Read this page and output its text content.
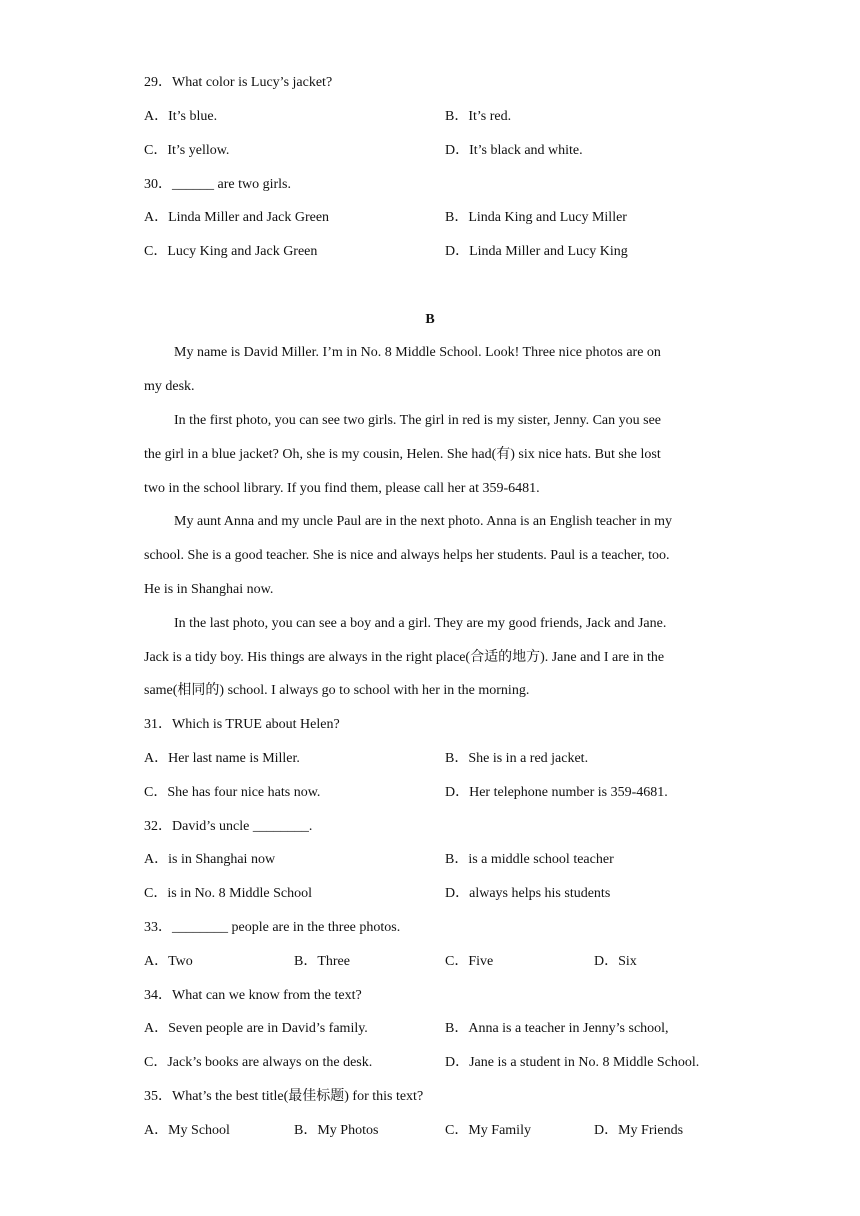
29．What color is Lucy’s jacket?
A．It’s blue.	B．It’s red.
C．It’s yellow.	D．It’s black and white.
30．______ are two girls.
A．Linda Miller and Jack Green	B．Linda King and Lucy Miller
C．Lucy King and Jack Green	D．Linda Miller and Lucy King
B
My name is David Miller. I’m in No. 8 Middle School. Look! Three nice photos are on
my desk.
In the first photo, you can see two girls. The girl in red is my sister, Jenny. Can you see
the girl in a blue jacket? Oh, she is my cousin, Helen. She had(有) six nice hats. But she lost
two in the school library. If you find them, please call her at 359-6481.
My aunt Anna and my uncle Paul are in the next photo. Anna is an English teacher in my
school. She is a good teacher. She is nice and always helps her students. Paul is a teacher, too.
He is in Shanghai now.
In the last photo, you can see a boy and a girl. They are my good friends, Jack and Jane.
Jack is a tidy boy. His things are always in the right place(合适的地方). Jane and I are in the
same(相同的) school. I always go to school with her in the morning.
31．Which is TRUE about Helen?
A．Her last name is Miller.	B．She is in a red jacket.
C．She has four nice hats now.	D．Her telephone number is 359-4681.
32．David’s uncle ________.
A．is in Shanghai now	B．is a middle school teacher
C．is in No. 8 Middle School	D．always helps his students
33．________ people are in the three photos.
A．Two	B．Three	C．Five	D．Six
34．What can we know from the text?
A．Seven people are in David’s family.	B．Anna is a teacher in Jenny’s school,
C．Jack’s books are always on the desk.	D．Jane is a student in No. 8 Middle School.
35．What’s the best title(最佳标题) for this text?
A．My School	B．My Photos	C．My Family	D．My Friends
